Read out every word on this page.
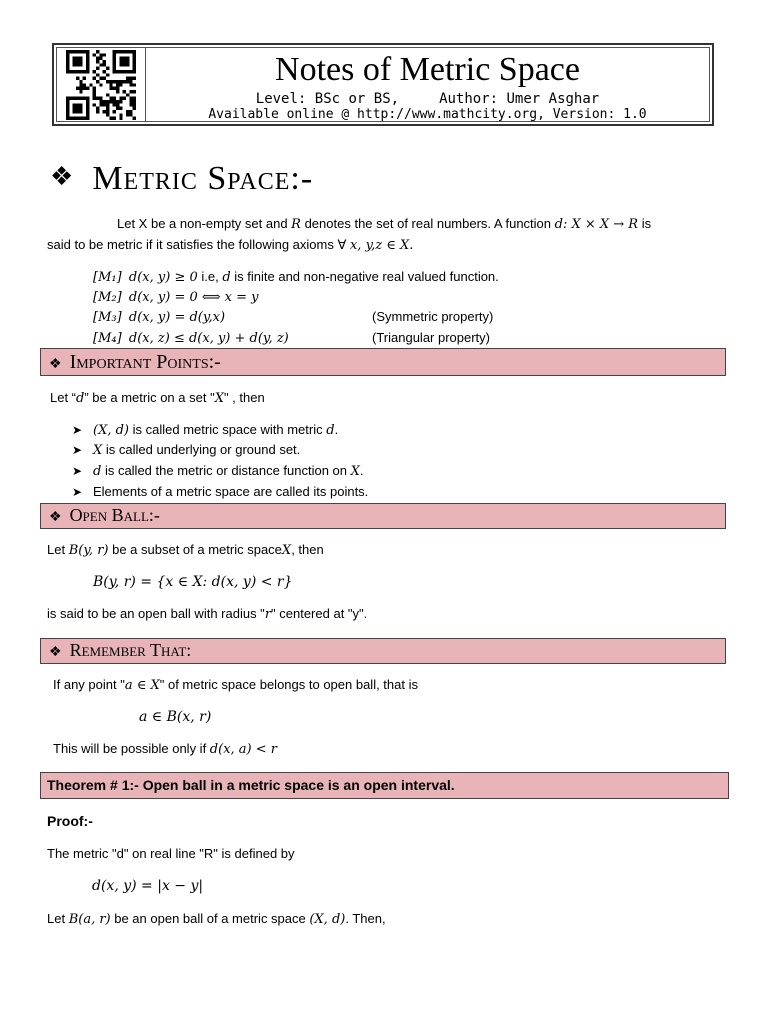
Notes of Metric Space
Level: BSc or BS,	Author: Umer Asghar
Available online @ http://www.mathcity.org, Version: 1.0
❖ Metric Space:-
Let X be a non-empty set and R denotes the set of real numbers. A function d: X × X → R is
said to be metric if it satisfies the following axioms ∀ x, y,z ∈ X.
[M₁] d(x, y) ≥ 0 i.e, d is finite and non-negative real valued function.
[M₂] d(x, y) = 0 ⟺ x = y
[M₃] d(x, y) = d(y,x)	(Symmetric property)
[M₄] d(x, z) ≤ d(x, y) + d(y, z)	(Triangular property)
❖ Important Points:-
Let “d” be a metric on a set "X" , then
➤ (X, d) is called metric space with metric d.
➤ X is called underlying or ground set.
➤ d is called the metric or distance function on X.
➤ Elements of a metric space are called its points.
❖ Open Ball:-
Let B(y, r) be a subset of a metric spaceX, then
B(y, r) = {x ∈ X: d(x, y) < r}
is said to be an open ball with radius "r" centered at "y".
❖ Remember That:
If any point "a ∈ X" of metric space belongs to open ball, that is
a ∈ B(x, r)
This will be possible only if d(x, a) < r
Theorem # 1:- Open ball in a metric space is an open interval.
Proof:-
The metric "d" on real line "R" is defined by
d(x, y) = |x − y|
Let B(a, r) be an open ball of a metric space (X, d). Then,
